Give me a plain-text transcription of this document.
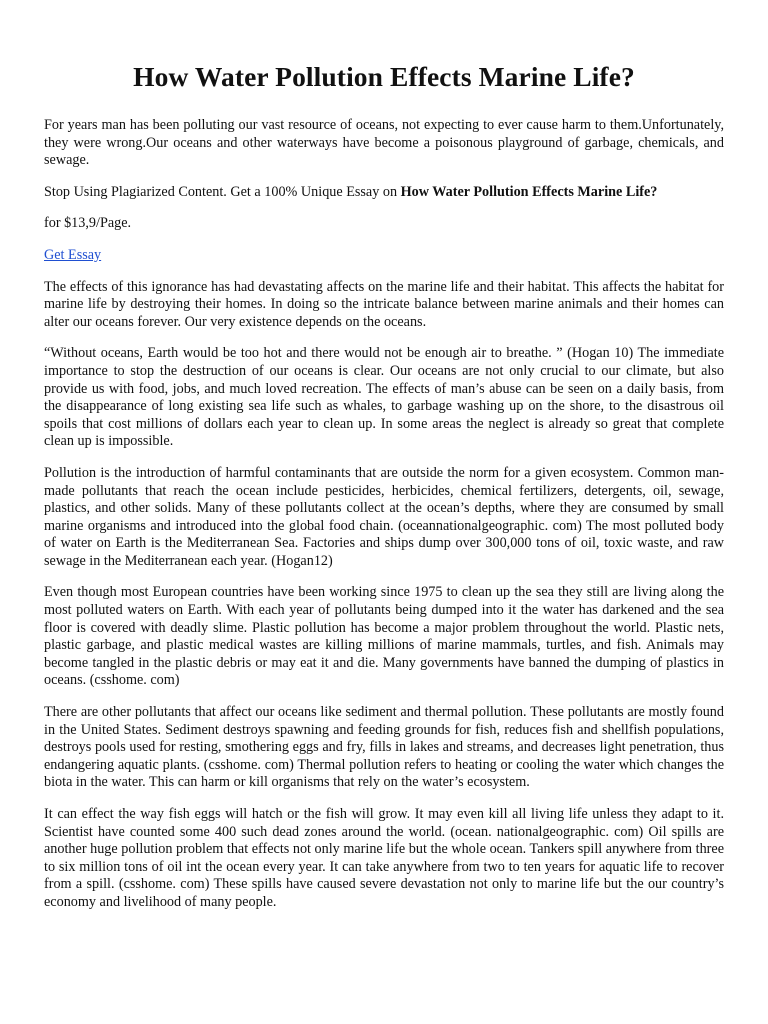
How Water Pollution Effects Marine Life?

For years man has been polluting our vast resource of oceans, not expecting to ever cause harm to them.Unfortunately, they were wrong.Our oceans and other waterways have become a poisonous playground of garbage, chemicals, and sewage.

Stop Using Plagiarized Content. Get a 100% Unique Essay on How Water Pollution Effects Marine Life?

for $13,9/Page.

Get Essay

The effects of this ignorance has had devastating affects on the marine life and their habitat. This affects the habitat for marine life by destroying their homes. In doing so the intricate balance between marine animals and their homes can alter our oceans forever. Our very existence depends on the oceans.

“Without oceans, Earth would be too hot and there would not be enough air to breathe. ” (Hogan 10) The immediate importance to stop the destruction of our oceans is clear. Our oceans are not only crucial to our climate, but also provide us with food, jobs, and much loved recreation. The effects of man’s abuse can be seen on a daily basis, from the disappearance of long existing sea life such as whales, to garbage washing up on the shore, to the disastrous oil spoils that cost millions of dollars each year to clean up. In some areas the neglect is already so great that complete clean up is impossible.

Pollution is the introduction of harmful contaminants that are outside the norm for a given ecosystem. Common man-made pollutants that reach the ocean include pesticides, herbicides, chemical fertilizers, detergents, oil, sewage, plastics, and other solids. Many of these pollutants collect at the ocean’s depths, where they are consumed by small marine organisms and introduced into the global food chain. (oceannationalgeographic. com) The most polluted body of water on Earth is the Mediterranean Sea. Factories and ships dump over 300,000 tons of oil, toxic waste, and raw sewage in the Mediterranean each year. (Hogan12)

Even though most European countries have been working since 1975 to clean up the sea they still are living along the most polluted waters on Earth. With each year of pollutants being dumped into it the water has darkened and the sea floor is covered with deadly slime. Plastic pollution has become a major problem throughout the world. Plastic nets, plastic garbage, and plastic medical wastes are killing millions of marine mammals, turtles, and fish. Animals may become tangled in the plastic debris or may eat it and die. Many governments have banned the dumping of plastics in oceans. (csshome. com)

There are other pollutants that affect our oceans like sediment and thermal pollution. These pollutants are mostly found in the United States. Sediment destroys spawning and feeding grounds for fish, reduces fish and shellfish populations, destroys pools used for resting, smothering eggs and fry, fills in lakes and streams, and decreases light penetration, thus endangering aquatic plants. (csshome. com) Thermal pollution refers to heating or cooling the water which changes the biota in the water. This can harm or kill organisms that rely on the water’s ecosystem.

It can effect the way fish eggs will hatch or the fish will grow. It may even kill all living life unless they adapt to it. Scientist have counted some 400 such dead zones around the world. (ocean. nationalgeographic. com) Oil spills are another huge pollution problem that effects not only marine life but the whole ocean. Tankers spill anywhere from three to six million tons of oil int the ocean every year. It can take anywhere from two to ten years for aquatic life to recover from a spill. (csshome. com) These spills have caused severe devastation not only to marine life but the our country’s economy and livelihood of many people.
